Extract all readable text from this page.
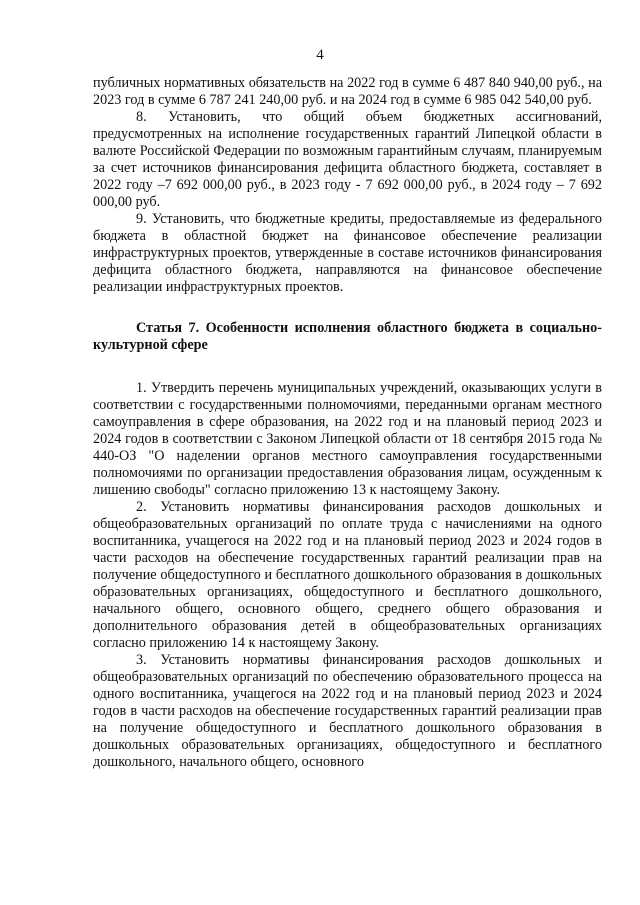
4

публичных нормативных обязательств на 2022 год в сумме 6 487 840 940,00 руб., на 2023 год в сумме 6 787 241 240,00 руб. и на 2024 год в сумме 6 985 042 540,00 руб.

8. Установить, что общий объем бюджетных ассигнований, предусмотренных на исполнение государственных гарантий Липецкой области в валюте Российской Федерации по возможным гарантийным случаям, планируемым за счет источников финансирования дефицита областного бюджета, составляет в 2022 году –7 692 000,00 руб., в 2023 году - 7 692 000,00 руб., в 2024 году – 7 692 000,00 руб.

9. Установить, что бюджетные кредиты, предоставляемые из федерального бюджета в областной бюджет на финансовое обеспечение реализации инфраструктурных проектов, утвержденные в составе источников финансирования дефицита областного бюджета, направляются на финансовое обеспечение реализации инфраструктурных проектов.

Статья 7. Особенности исполнения областного бюджета в социально-культурной сфере

1. Утвердить перечень муниципальных учреждений, оказывающих услуги в соответствии с государственными полномочиями, переданными органам местного самоуправления в сфере образования, на 2022 год и на плановый период 2023 и 2024 годов в соответствии с Законом Липецкой области от 18 сентября 2015 года № 440-ОЗ "О наделении органов местного самоуправления государственными полномочиями по организации предоставления образования лицам, осужденным к лишению свободы" согласно приложению 13 к настоящему Закону.

2. Установить нормативы финансирования расходов дошкольных и общеобразовательных организаций по оплате труда с начислениями на одного воспитанника, учащегося на 2022 год и на плановый период 2023 и 2024 годов в части расходов на обеспечение государственных гарантий реализации прав на получение общедоступного и бесплатного дошкольного образования в дошкольных образовательных организациях, общедоступного и бесплатного дошкольного, начального общего, основного общего, среднего общего образования и дополнительного образования детей в общеобразовательных организациях согласно приложению 14 к настоящему Закону.

3. Установить нормативы финансирования расходов дошкольных и общеобразовательных организаций по обеспечению образовательного процесса на одного воспитанника, учащегося на 2022 год и на плановый период 2023 и 2024 годов в части расходов на обеспечение государственных гарантий реализации прав на получение общедоступного и бесплатного дошкольного образования в дошкольных образовательных организациях, общедоступного и бесплатного дошкольного, начального общего, основного
